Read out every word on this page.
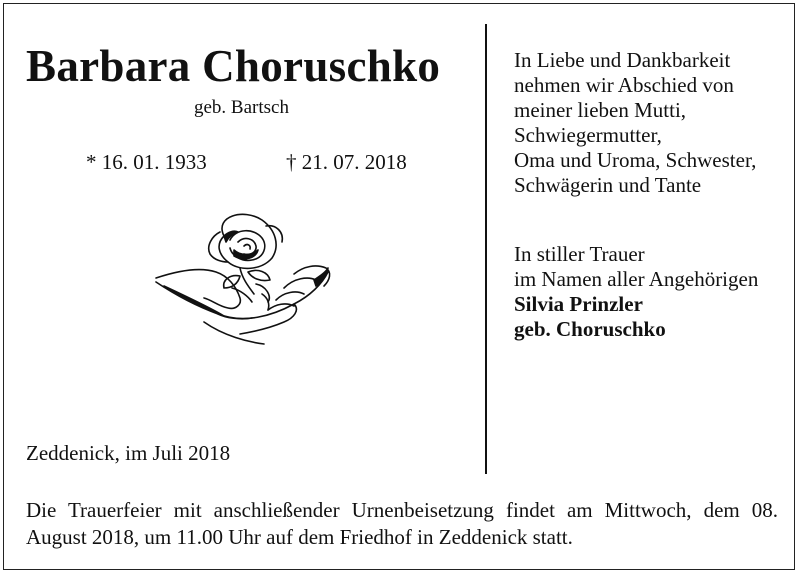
Barbara Choruschko
geb. Bartsch
* 16. 01. 1933	† 21. 07. 2018
Zeddenick, im Juli 2018
In Liebe und Dankbarkeit
nehmen wir Abschied von
meiner lieben Mutti,
Schwiegermutter,
Oma und Uroma, Schwester,
Schwägerin und Tante
In stiller Trauer
im Namen aller Angehörigen
Silvia Prinzler
geb. Choruschko
Die Trauerfeier mit anschließender Urnenbeisetzung findet am Mittwoch, dem 08. August 2018, um 11.00 Uhr auf dem Friedhof in Zeddenick statt.
